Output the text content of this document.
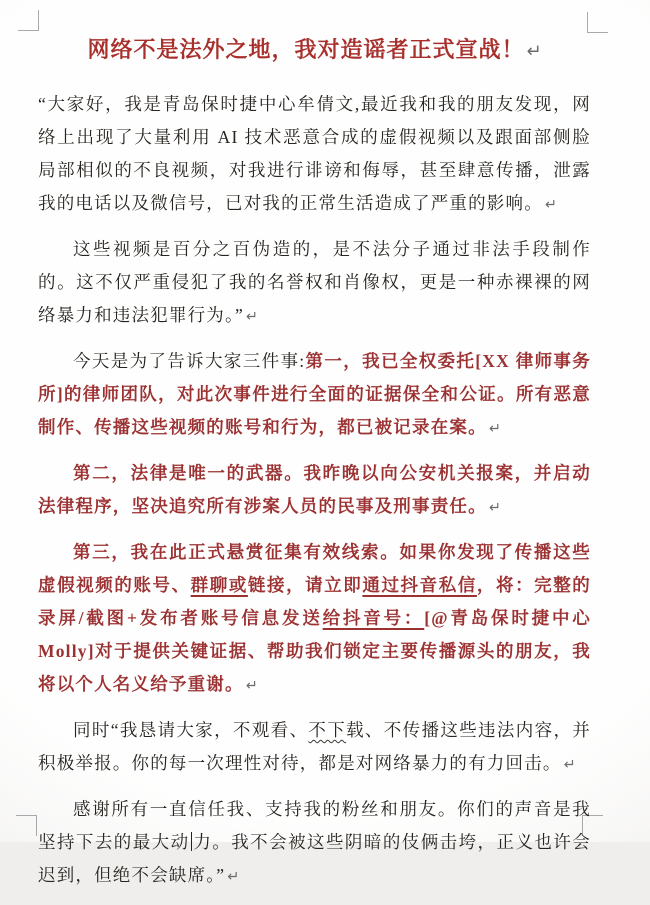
网络不是法外之地，我对造谣者正式宣战！ ↵

“大家好，我是青岛保时捷中心牟倩文,最近我和我的朋友发现，网络上出现了大量利用 AI 技术恶意合成的虚假视频以及跟面部侧脸局部相似的不良视频，对我进行诽谤和侮辱，甚至肆意传播，泄露我的电话以及微信号，已对我的正常生活造成了严重的影响。 ↵

这些视频是百分之百伪造的，是不法分子通过非法手段制作的。这不仅严重侵犯了我的名誉权和肖像权，更是一种赤裸裸的网络暴力和违法犯罪行为。” ↵

今天是为了告诉大家三件事:第一，我已全权委托[XX 律师事务所]的律师团队，对此次事件进行全面的证据保全和公证。所有恶意制作、传播这些视频的账号和行为，都已被记录在案。 ↵

第二，法律是唯一的武器。我昨晚以向公安机关报案，并启动法律程序，坚决追究所有涉案人员的民事及刑事责任。 ↵

第三，我在此正式悬赏征集有效线索。如果你发现了传播这些虚假视频的账号、群聊或链接，请立即通过抖音私信，将：完整的录屏/截图+发布者账号信息发送给抖音号：[@青岛保时捷中心 Molly]对于提供关键证据、帮助我们锁定主要传播源头的朋友，我将以个人名义给予重谢。 ↵

同时“我恳请大家，不观看、不下载、不传播这些违法内容，并积极举报。你的每一次理性对待，都是对网络暴力的有力回击。 ↵

感谢所有一直信任我、支持我的粉丝和朋友。你们的声音是我坚持下去的最大动 力。我不会被这些阴暗的伎俩击垮，正义也许会迟到，但绝不会缺席。” ↵
